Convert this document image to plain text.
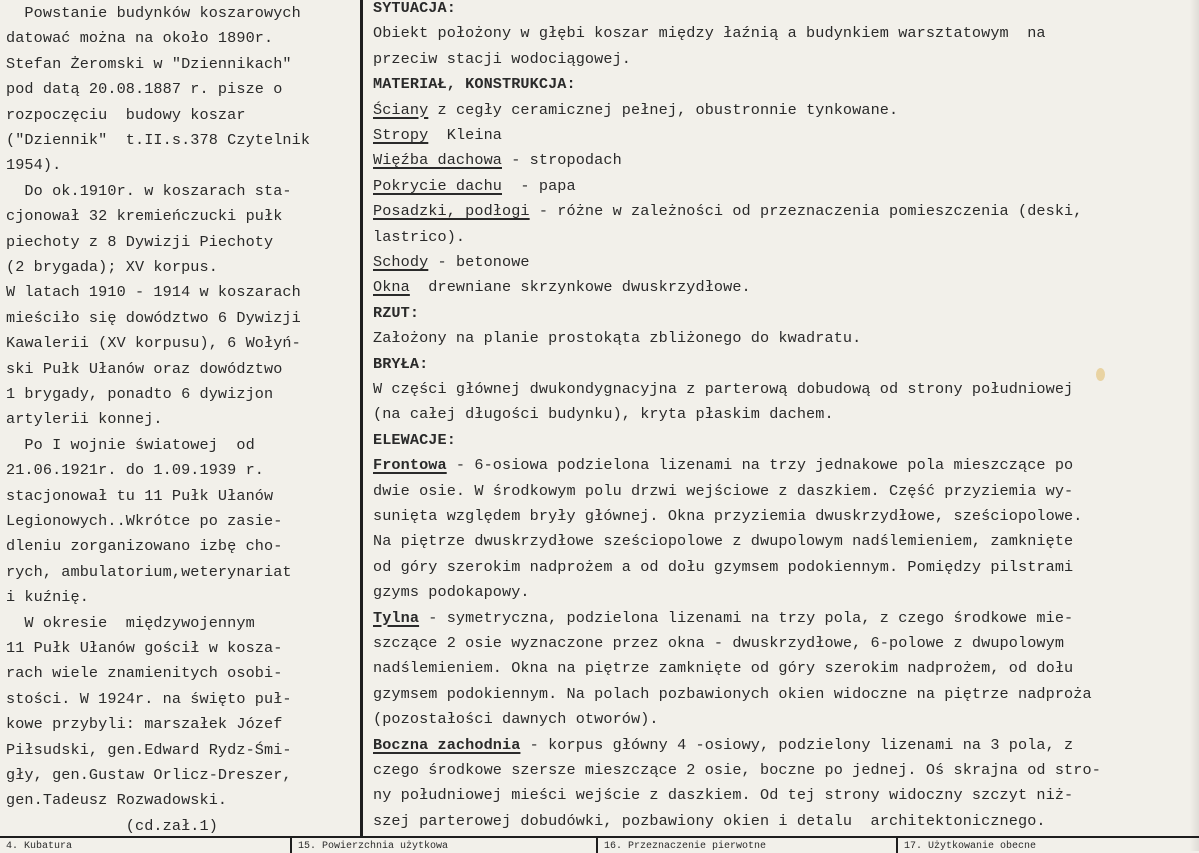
Powstanie budynków koszarowych
datować można na około 1890r.
Stefan Żeromski w "Dziennikach"
pod datą 20.08.1887 r. pisze o
rozpoczęciu  budowy koszar
("Dziennik"  t.II.s.378 Czytelnik
1954).
Do ok.1910r. w koszarach sta-
cjonował 32 kremieńczucki pułk
piechoty z 8 Dywizji Piechoty
(2 brygada); XV korpus.
W latach 1910 - 1914 w koszarach
mieściło się dowództwo 6 Dywizji
Kawalerii (XV korpusu), 6 Wołyń-
ski Pułk Ułanów oraz dowództwo
1 brygady, ponadto 6 dywizjon
artylerii konnej.
Po I wojnie światowej  od
21.06.1921r. do 1.09.1939 r.
stacjonował tu 11 Pułk Ułanów
Legionowych..Wkrótce po zasie-
dleniu zorganizowano izbę cho-
rych, ambulatorium,weterynariat
i kuźnię.
W okresie  międzywojennym
11 Pułk Ułanów gościł w kosza-
rach wiele znamienitych osobi-
stości. W 1924r. na święto puł-
kowe przybyli: marszałek Józef
Piłsudski, gen.Edward Rydz-Śmi-
gły, gen.Gustaw Orlicz-Dreszer,
gen.Tadeusz Rozwadowski.
(cd.zał.1)
SYTUACJA:
Obiekt położony w głębi koszar między łaźnią a budynkiem warsztatowym  na
przeciw stacji wodociągowej.
MATERIAŁ, KONSTRUKCJA:
Ściany z cegły ceramicznej pełnej, obustronnie tynkowane.
Stropy  Kleina
Więźba dachowa - stropodach
Pokrycie dachu  - papa
Posadzki, podłogi - różne w zależności od przeznaczenia pomieszczenia (deski,
lastrico).
Schody - betonowe
Okna  drewniane skrzynkowe dwuskrzydłowe.
RZUT:
Założony na planie prostokąta zbliżonego do kwadratu.
BRYŁA:
W części głównej dwukondygnacyjna z parterową dobudową od strony południowej
(na całej długości budynku), kryta płaskim dachem.
ELEWACJE:
Frontowa - 6-osiowa podzielona lizenami na trzy jednakowe pola mieszczące po
dwie osie. W środkowym polu drzwi wejściowe z daszkiem. Część przyziemia wy-
sunięta względem bryły głównej. Okna przyziemia dwuskrzydłowe, sześciopolowe.
Na piętrze dwuskrzydłowe sześciopolowe z dwupolowym nadślemieniem, zamknięte
od góry szerokim nadprożem a od dołu gzymsem podokiennym. Pomiędzy pilstrami
gzyms podokapowy.
Tylna - symetryczna, podzielona lizenami na trzy pola, z czego środkowe mie-
szczące 2 osie wyznaczone przez okna - dwuskrzydłowe, 6-polowe z dwupolowym
nadślemieniem. Okna na piętrze zamknięte od góry szerokim nadprożem, od dołu
gzymsem podokiennym. Na polach pozbawionych okien widoczne na piętrze nadproża
(pozostałości dawnych otworów).
Boczna zachodnia - korpus główny 4 -osiowy, podzielony lizenami na 3 pola, z
czego środkowe szersze mieszczące 2 osie, boczne po jednej. Oś skrajna od stro-
ny południowej mieści wejście z daszkiem. Od tej strony widoczny szczyt niż-
szej parterowej dobudówki, pozbawiony okien i detalu  architektonicznego.
4. Kubatura	15. Powierzchnia użytkowa	16. Przeznaczenie pierwotne	17. Użytkowanie obecne
